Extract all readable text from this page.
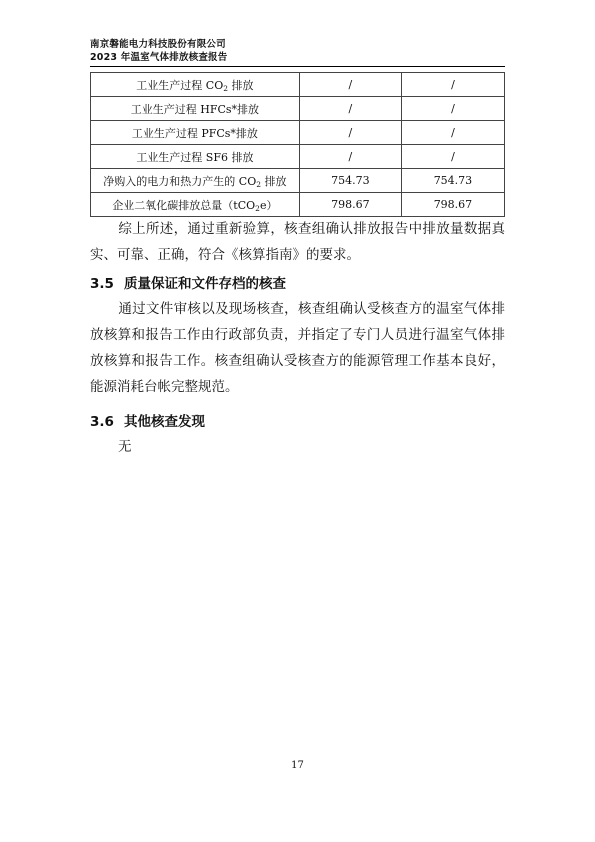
南京磐能电力科技股份有限公司
2023 年温室气体排放核查报告
工业生产过程 $CO_2$ 排放	/	/
工业生产过程 HFCs*排放	/	/
工业生产过程 PFCs*排放	/	/
工业生产过程 SF6 排放	/	/
净购入的电力和热力产生的 $CO_2$ 排放	754.73	754.73
企业二氧化碳排放总量（tCO$_2$e）	798.67	798.67
综上所述，通过重新验算，核查组确认排放报告中排放量数据真实、可靠、正确，符合《核算指南》的要求。
3.5 质量保证和文件存档的核查
通过文件审核以及现场核查，核查组确认受核查方的温室气体排放核算和报告工作由行政部负责，并指定了专门人员进行温室气体排放核算和报告工作。核查组确认受核查方的能源管理工作基本良好，能源消耗台帐完整规范。
3.6 其他核查发现
无
17
